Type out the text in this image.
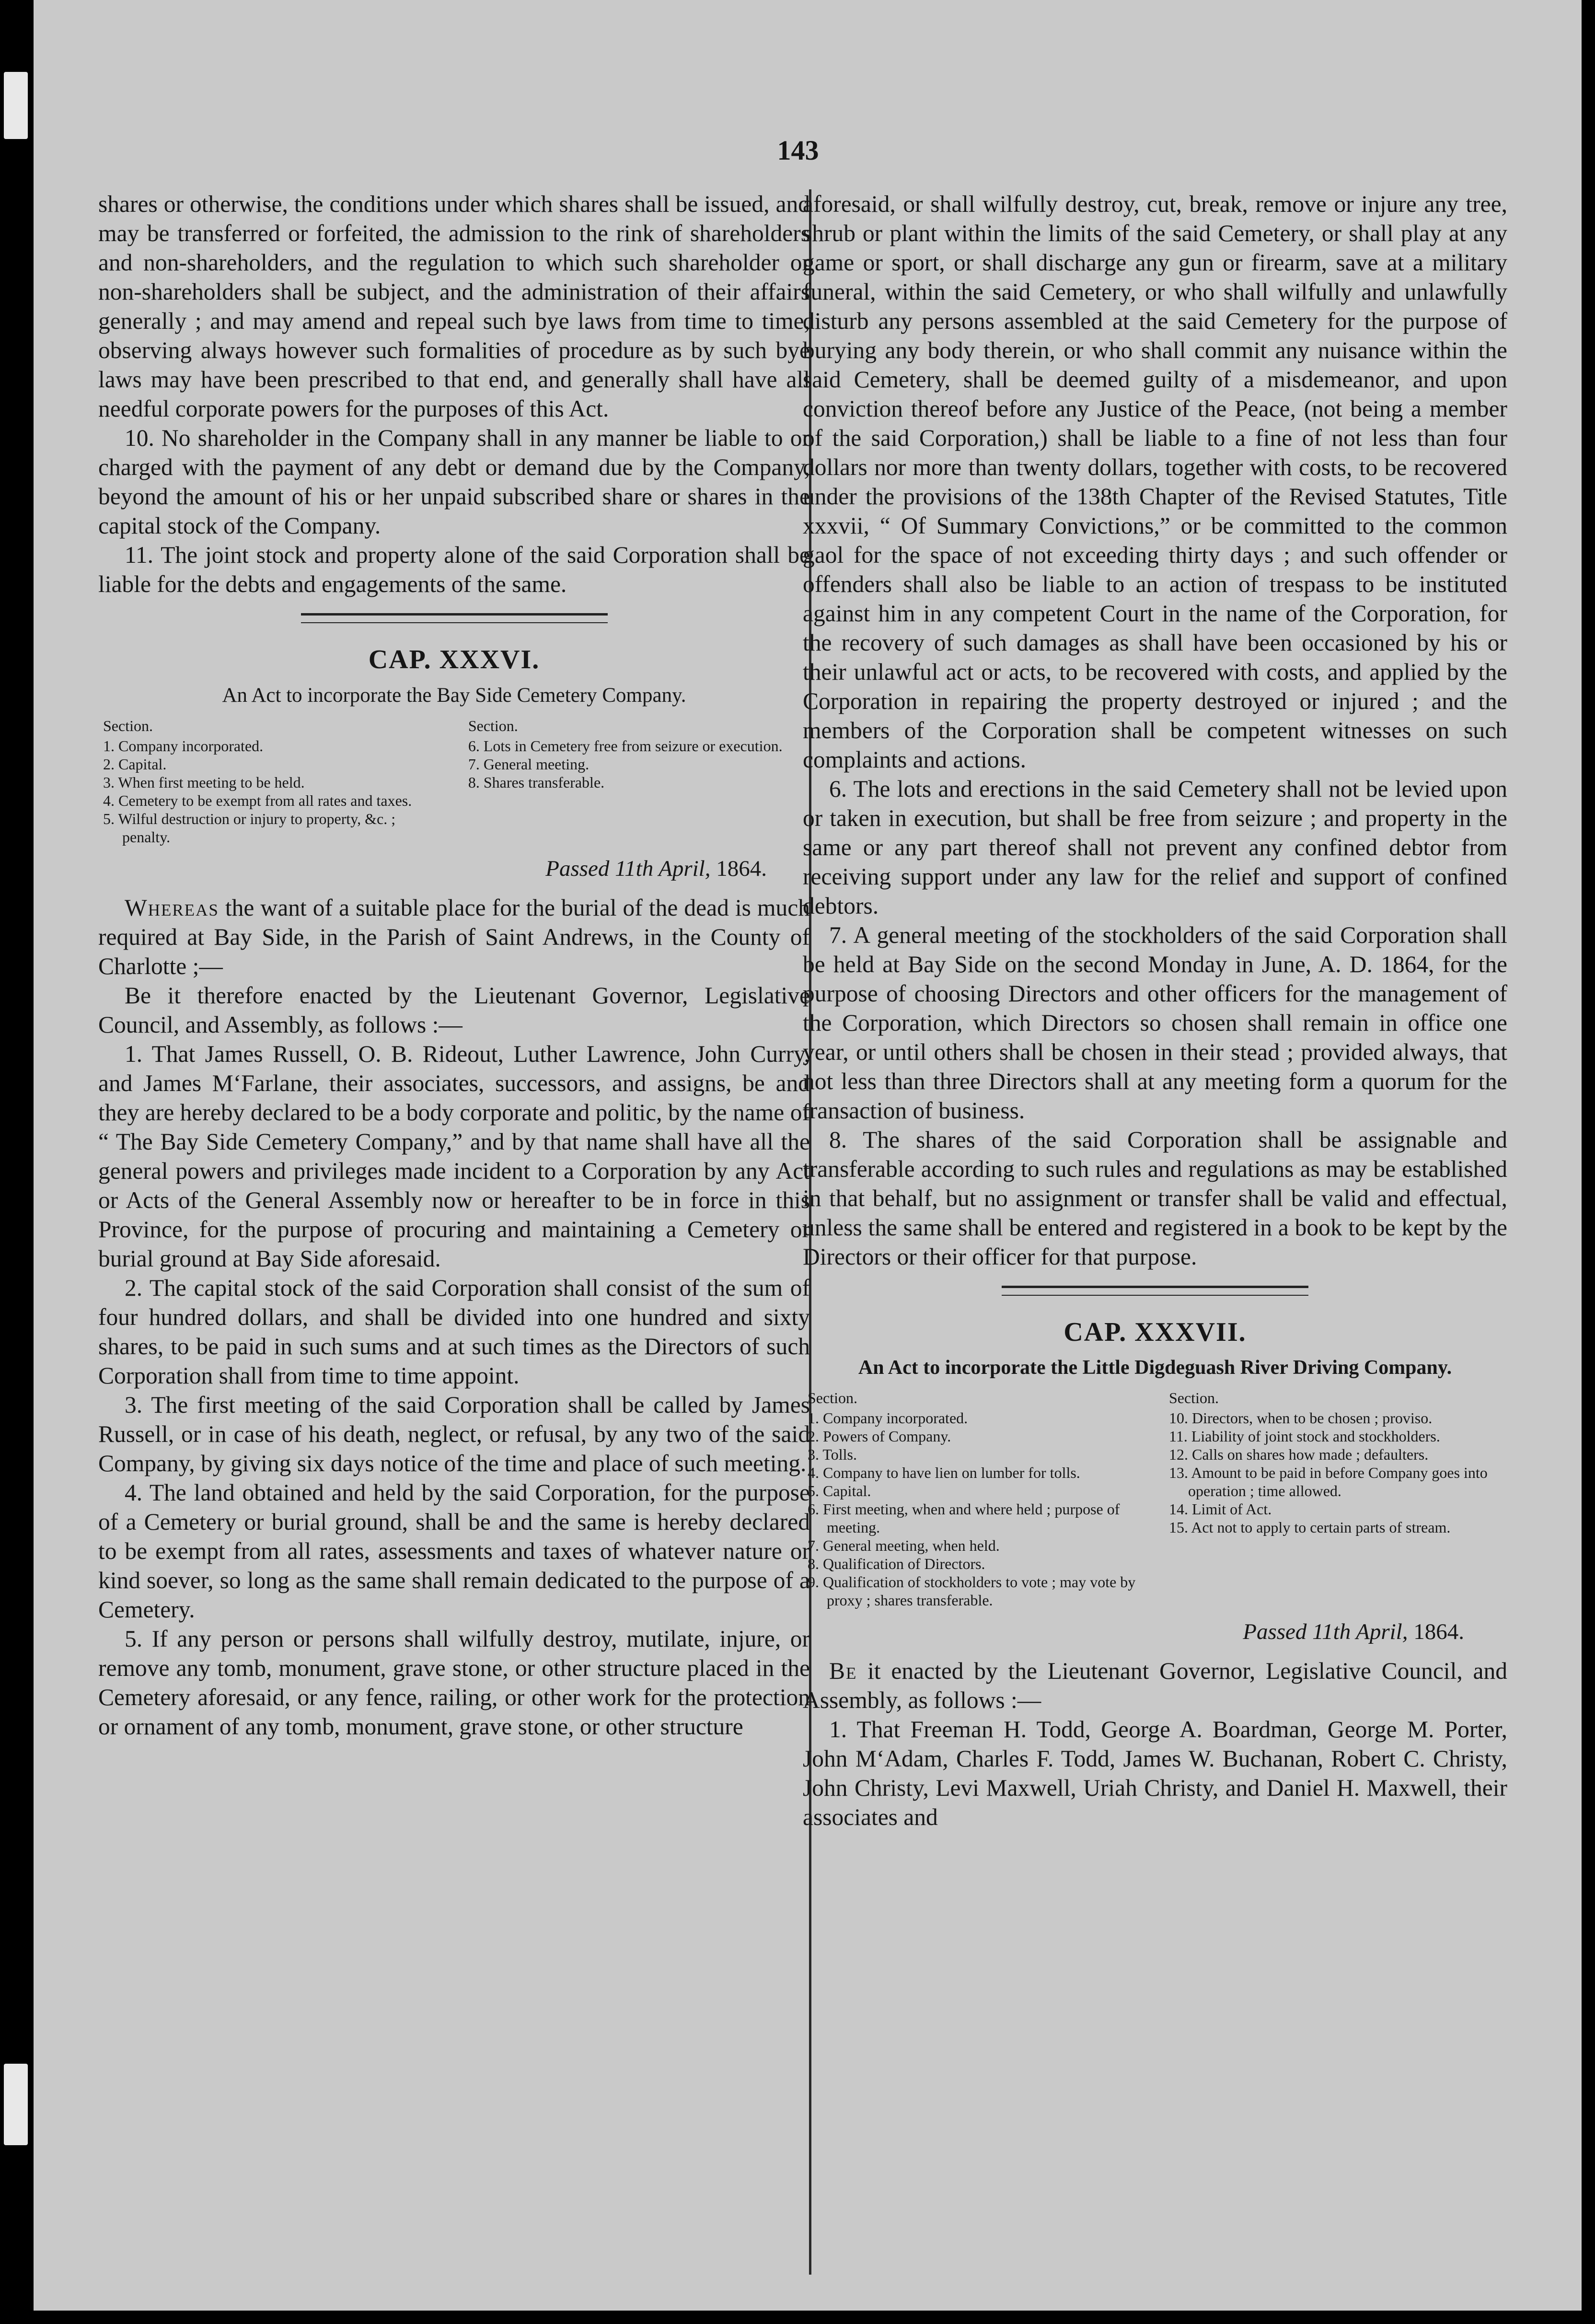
143

shares or otherwise, the conditions under which shares shall be issued, and may be transferred or forfeited, the admission to the rink of shareholders and non-shareholders, and the regulation to which such shareholder or non-shareholders shall be subject, and the administration of their affairs generally ; and may amend and repeal such bye laws from time to time, observing always however such formalities of procedure as by such bye laws may have been prescribed to that end, and generally shall have all needful corporate powers for the purposes of this Act.

10. No shareholder in the Company shall in any manner be liable to or charged with the payment of any debt or demand due by the Company, beyond the amount of his or her unpaid subscribed share or shares in the capital stock of the Company.

11. The joint stock and property alone of the said Corporation shall be liable for the debts and engagements of the same.

CAP. XXXVI.
An Act to incorporate the Bay Side Cemetery Company.
Section.
1. Company incorporated.
2. Capital.
3. When first meeting to be held.
4. Cemetery to be exempt from all rates and taxes.
5. Wilful destruction or injury to property, &c. ; penalty.
Section.
6. Lots in Cemetery free from seizure or execution.
7. General meeting.
8. Shares transferable.
Passed 11th April, 1864.

Whereas the want of a suitable place for the burial of the dead is much required at Bay Side, in the Parish of Saint Andrews, in the County of Charlotte ;—

Be it therefore enacted by the Lieutenant Governor, Legislative Council, and Assembly, as follows :—

1. That James Russell, O. B. Rideout, Luther Lawrence, John Curry, and James M‘Farlane, their associates, successors, and assigns, be and they are hereby declared to be a body corporate and politic, by the name of “ The Bay Side Cemetery Company,” and by that name shall have all the general powers and privileges made incident to a Corporation by any Act or Acts of the General Assembly now or hereafter to be in force in this Province, for the purpose of procuring and maintaining a Cemetery or burial ground at Bay Side aforesaid.

2. The capital stock of the said Corporation shall consist of the sum of four hundred dollars, and shall be divided into one hundred and sixty shares, to be paid in such sums and at such times as the Directors of such Corporation shall from time to time appoint.

3. The first meeting of the said Corporation shall be called by James Russell, or in case of his death, neglect, or refusal, by any two of the said Company, by giving six days notice of the time and place of such meeting.

4. The land obtained and held by the said Corporation, for the purpose of a Cemetery or burial ground, shall be and the same is hereby declared to be exempt from all rates, assessments and taxes of whatever nature or kind soever, so long as the same shall remain dedicated to the purpose of a Cemetery.

5. If any person or persons shall wilfully destroy, mutilate, injure, or remove any tomb, monument, grave stone, or other structure placed in the Cemetery aforesaid, or any fence, railing, or other work for the protection or ornament of any tomb, monument, grave stone, or other structure

aforesaid, or shall wilfully destroy, cut, break, remove or injure any tree, shrub or plant within the limits of the said Cemetery, or shall play at any game or sport, or shall discharge any gun or firearm, save at a military funeral, within the said Cemetery, or who shall wilfully and unlawfully disturb any persons assembled at the said Cemetery for the purpose of burying any body therein, or who shall commit any nuisance within the said Cemetery, shall be deemed guilty of a misdemeanor, and upon conviction thereof before any Justice of the Peace, (not being a member of the said Corporation,) shall be liable to a fine of not less than four dollars nor more than twenty dollars, together with costs, to be recovered under the provisions of the 138th Chapter of the Revised Statutes, Title xxxvii, “ Of Summary Convictions,” or be committed to the common gaol for the space of not exceeding thirty days ; and such offender or offenders shall also be liable to an action of trespass to be instituted against him in any competent Court in the name of the Corporation, for the recovery of such damages as shall have been occasioned by his or their unlawful act or acts, to be recovered with costs, and applied by the Corporation in repairing the property destroyed or injured ; and the members of the Corporation shall be competent witnesses on such complaints and actions.

6. The lots and erections in the said Cemetery shall not be levied upon or taken in execution, but shall be free from seizure ; and property in the same or any part thereof shall not prevent any confined debtor from receiving support under any law for the relief and support of confined debtors.

7. A general meeting of the stockholders of the said Corporation shall be held at Bay Side on the second Monday in June, A. D. 1864, for the purpose of choosing Directors and other officers for the management of the Corporation, which Directors so chosen shall remain in office one year, or until others shall be chosen in their stead ; provided always, that not less than three Directors shall at any meeting form a quorum for the transaction of business.

8. The shares of the said Corporation shall be assignable and transferable according to such rules and regulations as may be established in that behalf, but no assignment or transfer shall be valid and effectual, unless the same shall be entered and registered in a book to be kept by the Directors or their officer for that purpose.

CAP. XXXVII.
An Act to incorporate the Little Digdeguash River Driving Company.
Section.
1. Company incorporated.
2. Powers of Company.
3. Tolls.
4. Company to have lien on lumber for tolls.
5. Capital.
6. First meeting, when and where held ; purpose of meeting.
7. General meeting, when held.
8. Qualification of Directors.
9. Qualification of stockholders to vote ; may vote by proxy ; shares transferable.
Section.
10. Directors, when to be chosen ; proviso.
11. Liability of joint stock and stockholders.
12. Calls on shares how made ; defaulters.
13. Amount to be paid in before Company goes into operation ; time allowed.
14. Limit of Act.
15. Act not to apply to certain parts of stream.
Passed 11th April, 1864.

Be it enacted by the Lieutenant Governor, Legislative Council, and Assembly, as follows :—

1. That Freeman H. Todd, George A. Boardman, George M. Porter, John M‘Adam, Charles F. Todd, James W. Buchanan, Robert C. Christy, John Christy, Levi Maxwell, Uriah Christy, and Daniel H. Maxwell, their associates and
